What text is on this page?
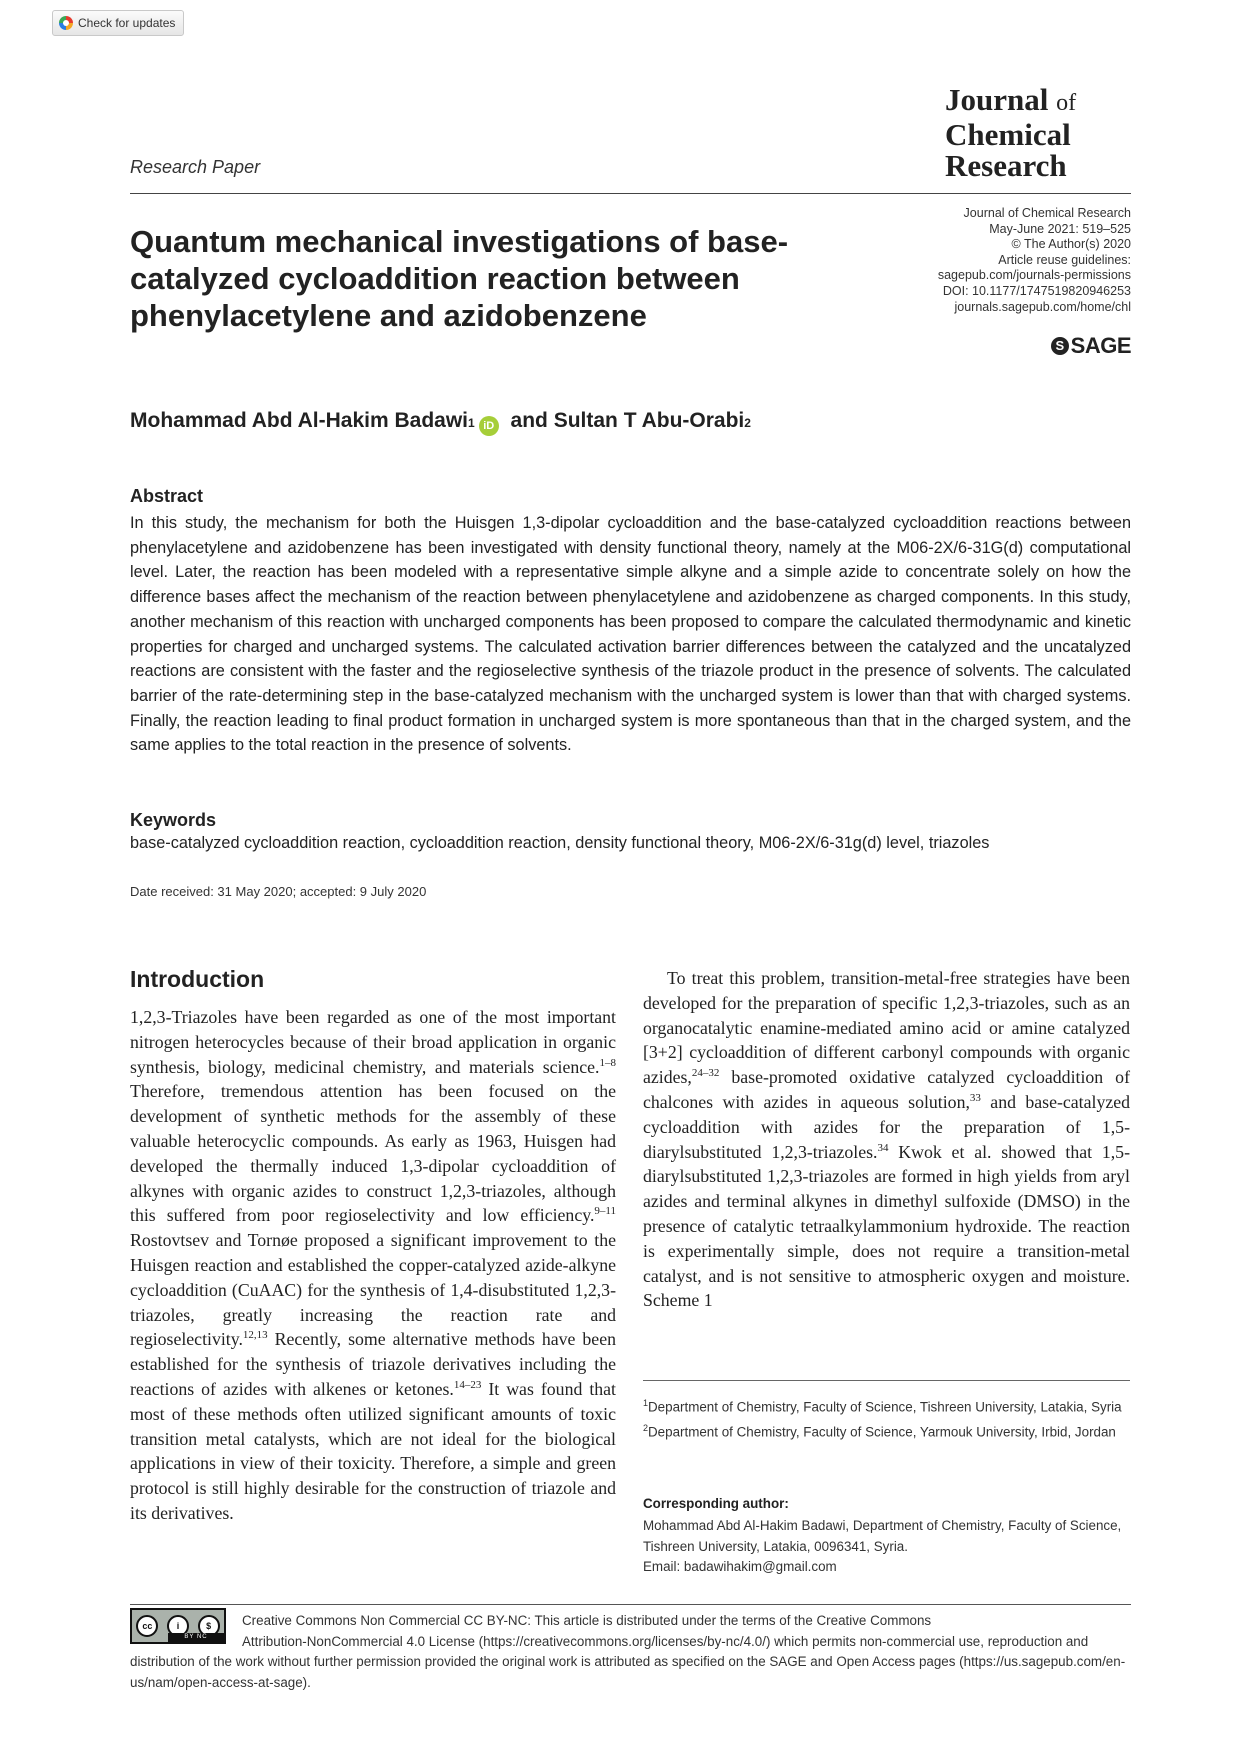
Check for updates
Journal of
Chemical
Research
Research Paper
Quantum mechanical investigations of base-catalyzed cycloaddition reaction between phenylacetylene and azidobenzene
Journal of Chemical Research
May-June 2021: 519–525
© The Author(s) 2020
Article reuse guidelines:
sagepub.com/journals-permissions
DOI: 10.1177/1747519820946253
journals.sagepub.com/home/chl
S SAGE
Mohammad Abd Al-Hakim Badawi 1 iD and Sultan T Abu-Orabi 2
Abstract
In this study, the mechanism for both the Huisgen 1,3-dipolar cycloaddition and the base-catalyzed cycloaddition reactions between phenylacetylene and azidobenzene has been investigated with density functional theory, namely at the M06-2X/6-31G(d) computational level. Later, the reaction has been modeled with a representative simple alkyne and a simple azide to concentrate solely on how the difference bases affect the mechanism of the reaction between phenylacetylene and azidobenzene as charged components. In this study, another mechanism of this reaction with uncharged components has been proposed to compare the calculated thermodynamic and kinetic properties for charged and uncharged systems. The calculated activation barrier differences between the catalyzed and the uncatalyzed reactions are consistent with the faster and the regioselective synthesis of the triazole product in the presence of solvents. The calculated barrier of the rate-determining step in the base-catalyzed mechanism with the uncharged system is lower than that with charged systems. Finally, the reaction leading to final product formation in uncharged system is more spontaneous than that in the charged system, and the same applies to the total reaction in the presence of solvents.
Keywords
base-catalyzed cycloaddition reaction, cycloaddition reaction, density functional theory, M06-2X/6-31g(d) level, triazoles
Date received: 31 May 2020; accepted: 9 July 2020
Introduction
1,2,3-Triazoles have been regarded as one of the most important nitrogen heterocycles because of their broad application in organic synthesis, biology, medicinal chemistry, and materials science.$^{1-8}$ Therefore, tremendous attention has been focused on the development of synthetic methods for the assembly of these valuable heterocyclic compounds. As early as 1963, Huisgen had developed the thermally induced 1,3-dipolar cycloaddition of alkynes with organic azides to construct 1,2,3-triazoles, although this suffered from poor regioselectivity and low efficiency.$^{9-11}$ Rostovtsev and Tornøe proposed a significant improvement to the Huisgen reaction and established the copper-catalyzed azide-alkyne cycloaddition (CuAAC) for the synthesis of 1,4-disubstituted 1,2,3-triazoles, greatly increasing the reaction rate and regioselectivity.$^{12,13}$ Recently, some alternative methods have been established for the synthesis of triazole derivatives including the reactions of azides with alkenes or ketones.$^{14-23}$ It was found that most of these methods often utilized significant amounts of toxic transition metal catalysts, which are not ideal for the biological applications in view of their toxicity. Therefore, a simple and green protocol is still highly desirable for the construction of triazole and its derivatives.

To treat this problem, transition-metal-free strategies have been developed for the preparation of specific 1,2,3-triazoles, such as an organocatalytic enamine-mediated amino acid or amine catalyzed [3+2] cycloaddition of different carbonyl compounds with organic azides,$^{24-32}$ base-promoted oxidative catalyzed cycloaddition of chalcones with azides in aqueous solution,$^{33}$ and base-catalyzed cycloaddition with azides for the preparation of 1,5-diarylsubstituted 1,2,3-triazoles.$^{34}$ Kwok et al. showed that 1,5-diarylsubstituted 1,2,3-triazoles are formed in high yields from aryl azides and terminal alkynes in dimethyl sulfoxide (DMSO) in the presence of catalytic tetraalkylammonium hydroxide. The reaction is experimentally simple, does not require a transition-metal catalyst, and is not sensitive to atmospheric oxygen and moisture. Scheme 1

$^1$Department of Chemistry, Faculty of Science, Tishreen University, Latakia, Syria
$^2$Department of Chemistry, Faculty of Science, Yarmouk University, Irbid, Jordan
Corresponding author:
Mohammad Abd Al-Hakim Badawi, Department of Chemistry, Faculty of Science, Tishreen University, Latakia, 0096341, Syria.
Email: badawihakim@gmail.com
cc	i	$
BY NC
Creative Commons Non Commercial CC BY-NC: This article is distributed under the terms of the Creative Commons
Attribution-NonCommercial 4.0 License (https://creativecommons.org/licenses/by-nc/4.0/) which permits non-commercial use, reproduction and distribution of the work without further permission provided the original work is attributed as specified on the SAGE and Open Access pages (https://us.sagepub.com/en-us/nam/open-access-at-sage).
